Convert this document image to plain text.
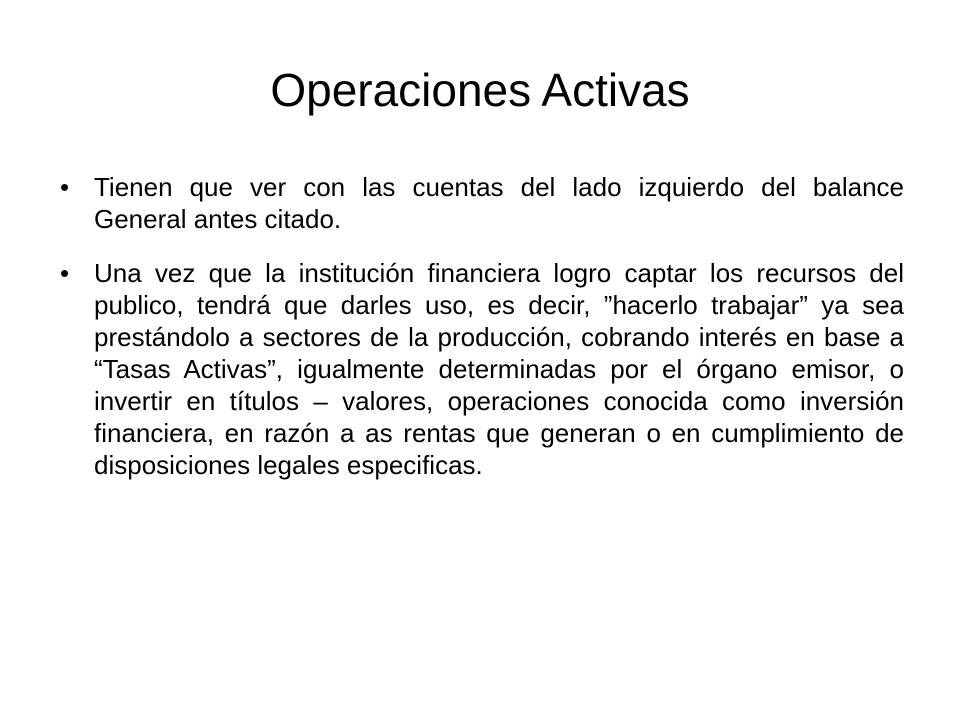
Operaciones Activas
• Tienen que ver con las cuentas del lado izquierdo del balance General antes citado.
• Una vez que la institución financiera logro captar los recursos del publico, tendrá que darles uso, es decir, ”hacerlo trabajar” ya sea prestándolo a sectores de la producción, cobrando interés en base a “Tasas Activas”, igualmente determinadas por el órgano emisor, o invertir en títulos – valores, operaciones conocida como inversión financiera, en razón a as rentas que generan o en cumplimiento de disposiciones legales especificas.
